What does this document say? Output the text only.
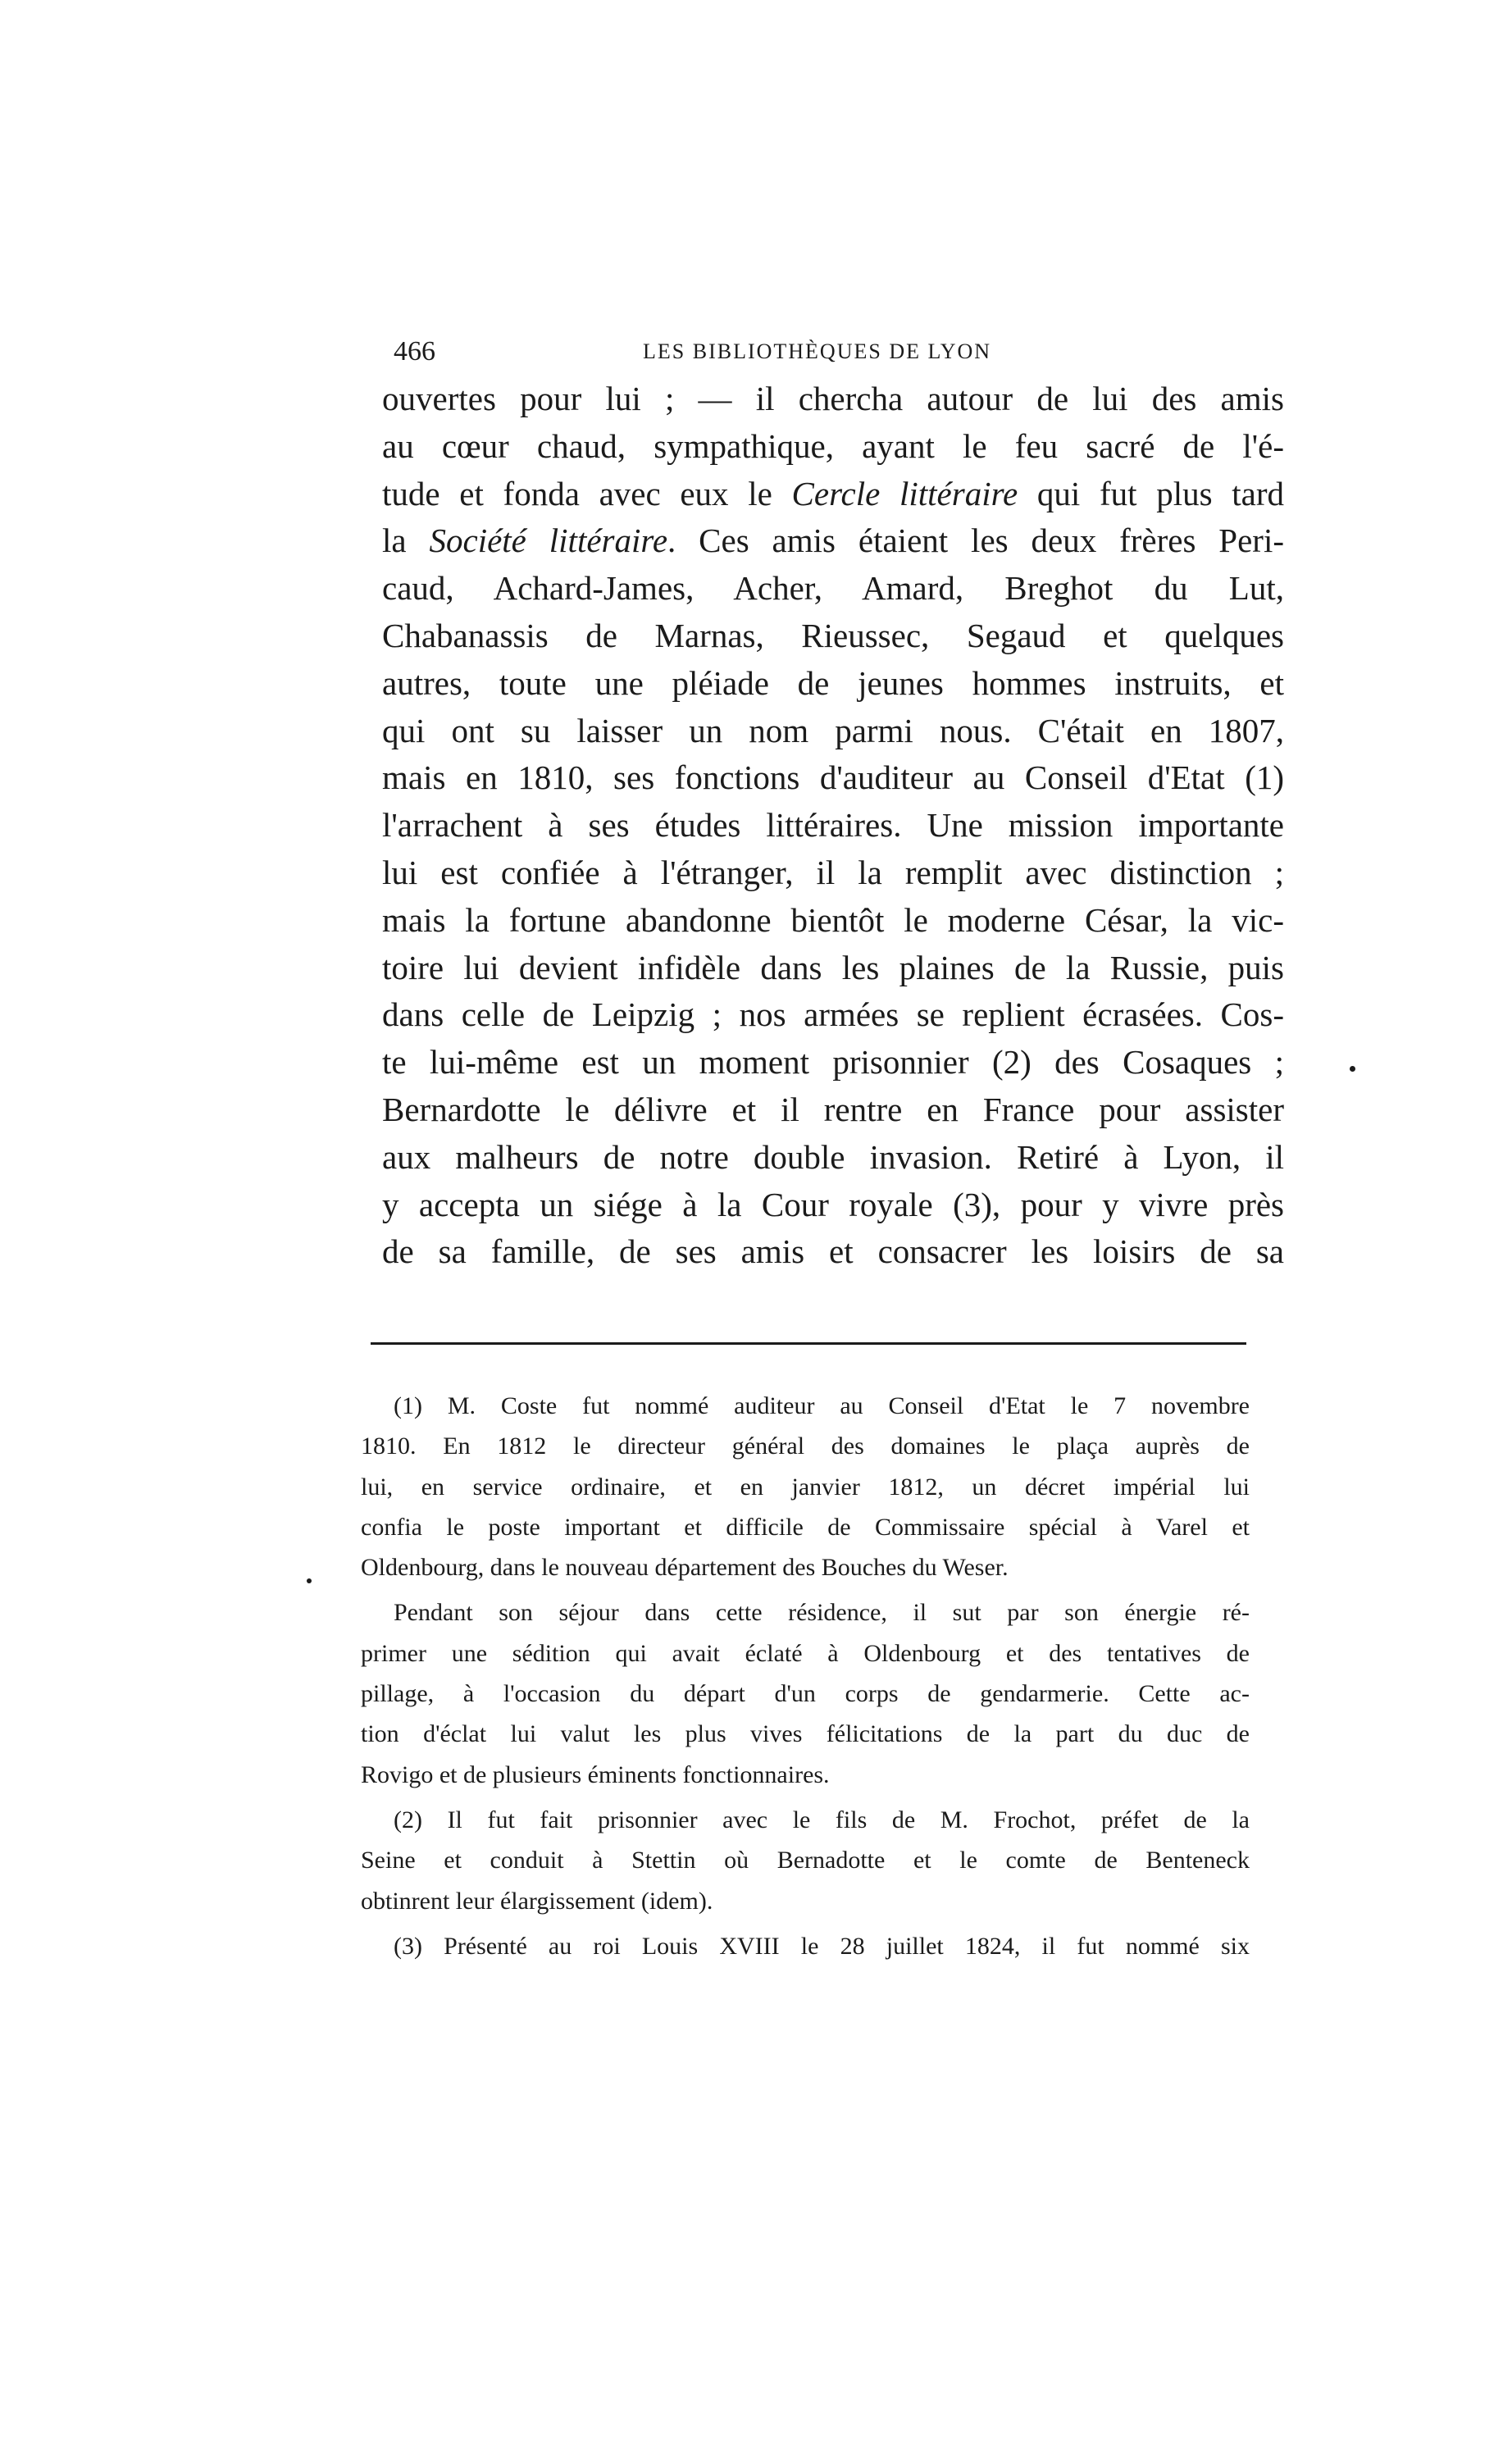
466	LES BIBLIOTHÈQUES DE LYON
ouvertes pour lui ; — il chercha autour de lui des amis
au cœur chaud, sympathique, ayant le feu sacré de l'é-
tude et fonda avec eux le Cercle littéraire qui fut plus tard
la Société littéraire. Ces amis étaient les deux frères Peri-
caud, Achard-James, Acher, Amard, Breghot du Lut,
Chabanassis de Marnas, Rieussec, Segaud et quelques
autres, toute une pléiade de jeunes hommes instruits, et
qui ont su laisser un nom parmi nous. C'était en 1807,
mais en 1810, ses fonctions d'auditeur au Conseil d'Etat (1)
l'arrachent à ses études littéraires. Une mission importante
lui est confiée à l'étranger, il la remplit avec distinction ;
mais la fortune abandonne bientôt le moderne César, la vic-
toire lui devient infidèle dans les plaines de la Russie, puis
dans celle de Leipzig ; nos armées se replient écrasées. Cos-
te lui-même est un moment prisonnier (2) des Cosaques ;
Bernardotte le délivre et il rentre en France pour assister
aux malheurs de notre double invasion. Retiré à Lyon, il
y accepta un siége à la Cour royale (3), pour y vivre près
de sa famille, de ses amis et consacrer les loisirs de sa
(1) M. Coste fut nommé auditeur au Conseil d'Etat le 7 novembre
1810. En 1812 le directeur général des domaines le plaça auprès de
lui, en service ordinaire, et en janvier 1812, un décret impérial lui
confia le poste important et difficile de Commissaire spécial à Varel et
Oldenbourg, dans le nouveau département des Bouches du Weser.
Pendant son séjour dans cette résidence, il sut par son énergie ré-
primer une sédition qui avait éclaté à Oldenbourg et des tentatives de
pillage, à l'occasion du départ d'un corps de gendarmerie. Cette ac-
tion d'éclat lui valut les plus vives félicitations de la part du duc de
Rovigo et de plusieurs éminents fonctionnaires.
(2) Il fut fait prisonnier avec le fils de M. Frochot, préfet de la
Seine et conduit à Stettin où Bernadotte et le comte de Benteneck
obtinrent leur élargissement (idem).
(3) Présenté au roi Louis XVIII le 28 juillet 1824, il fut nommé six
